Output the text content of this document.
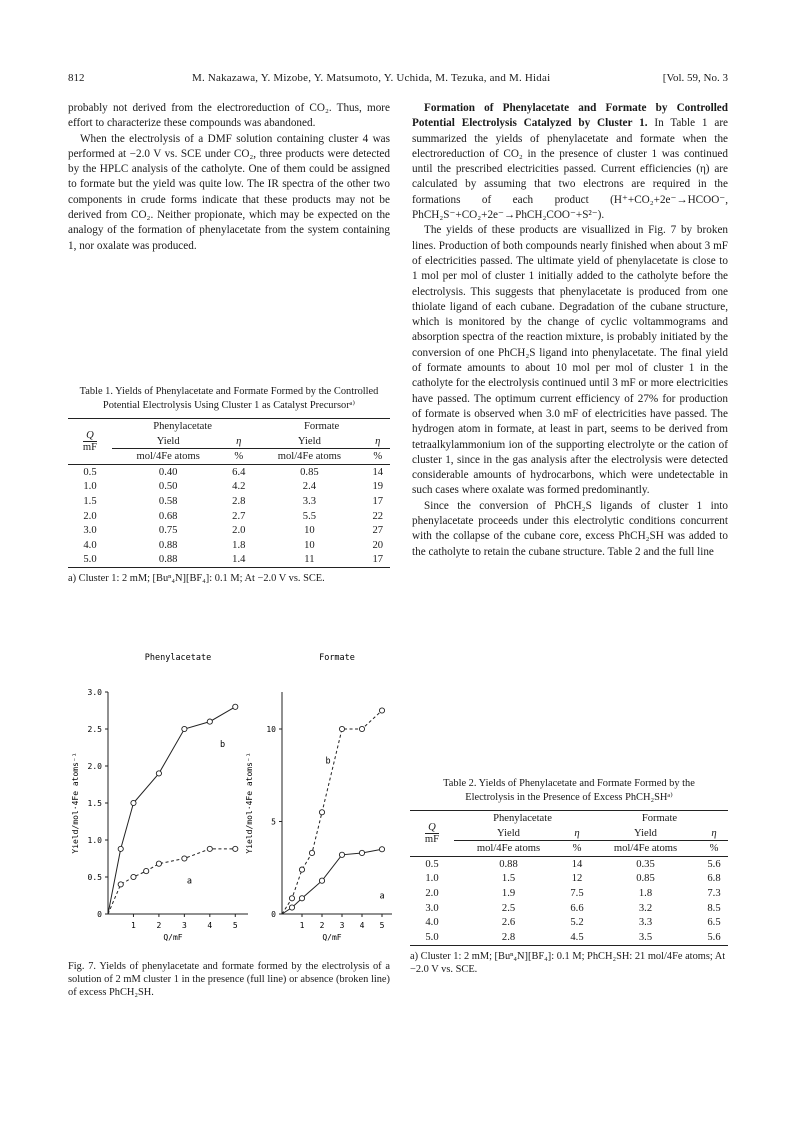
812	M. Nakazawa, Y. Mizobe, Y. Matsumoto, Y. Uchida, M. Tezuka, and M. Hidai	[Vol. 59, No. 3

probably not derived from the electroreduction of CO₂. Thus, more effort to characterize these compounds was abandoned.

When the electrolysis of a DMF solution containing cluster 4 was performed at −2.0 V vs. SCE under CO₂, three products were detected by the HPLC analysis of the catholyte. One of them could be assigned to formate but the yield was quite low. The IR spectra of the other two components in crude forms indicate that these products may not be derived from CO₂. Neither propionate, which may be expected on the analogy of the formation of phenylacetate from the system containing 1, nor oxalate was produced.

Table 1. Yields of Phenylacetate and Formate Formed by the Controlled Potential Electrolysis Using Cluster 1 as Catalyst Precursorᵃ⁾
Q
mF	Phenylacetate		Formate	
	Yield	η	Yield	η
	mol/4Fe atoms	%	mol/4Fe atoms	%
0.5	0.40	6.4	0.85	14
1.0	0.50	4.2	2.4	19
1.5	0.58	2.8	3.3	17
2.0	0.68	2.7	5.5	22
3.0	0.75	2.0	10	27
4.0	0.88	1.8	10	20
5.0	0.88	1.4	11	17
a) Cluster 1: 2 mM; [Buⁿ₄N][BF₄]: 0.1 M; At −2.0 V vs. SCE.
Phenylacetate
0
0.5
1.0
1.5
2.0
2.5
3.0
1	2	3	4	5
Q/mF
Yield/mol·4Fe atoms⁻¹
a
b
Formate
0
5
10
1 2 3 4 5
Q/mF
Yield/mol·4Fe atoms⁻¹
a
b
Fig. 7. Yields of phenylacetate and formate formed by the electrolysis of a solution of 2 mM cluster 1 in the presence (full line) or absence (broken line) of excess PhCH₂SH.

Formation of Phenylacetate and Formate by Controlled Potential Electrolysis Catalyzed by Cluster 1. In Table 1 are summarized the yields of phenylacetate and formate when the electroreduction of CO₂ in the presence of cluster 1 was continued until the prescribed electricities passed. Current efficiencies (η) are calculated by assuming that two electrons are required in the formations of each product (H⁺+CO₂+2e⁻→HCOO⁻, PhCH₂S⁻+CO₂+2e⁻→PhCH₂COO⁻+S²⁻).

The yields of these products are visuallized in Fig. 7 by broken lines. Production of both compounds nearly finished when about 3 mF of electricities passed. The ultimate yield of phenylacetate is close to 1 mol per mol of cluster 1 initially added to the catholyte before the electrolysis. This suggests that phenylacetate is produced from one thiolate ligand of each cubane. Degradation of the cubane structure, which is monitored by the change of cyclic voltammograms and absorption spectra of the reaction mixture, is probably initiated by the conversion of one PhCH₂S ligand into phenylacetate. The final yield of formate amounts to about 10 mol per mol of cluster 1 in the catholyte for the electrolysis continued until 3 mF or more electricities have passed. The optimum current efficiency of 27% for production of formate is observed when 3.0 mF of electricities have passed. The hydrogen atom in formate, at least in part, seems to be derived from tetraalkylammonium ion of the supporting electrolyte or the cation of cluster 1, since in the gas analysis after the electrolysis were detected considerable amounts of hydrocarbons, which were undetectable in such cases where oxalate was formed predominantly.

Since the conversion of PhCH₂S ligands of cluster 1 into phenylacetate proceeds under this electrolytic conditions concurrent with the collapse of the cubane core, excess PhCH₂SH was added to the catholyte to retain the cubane structure. Table 2 and the full line

Table 2. Yields of Phenylacetate and Formate Formed by the Electrolysis in the Presence of Excess PhCH₂SHᵃ⁾
Q
mF	Phenylacetate		Formate	
	Yield	η	Yield	η
	mol/4Fe atoms	%	mol/4Fe atoms	%
0.5	0.88	14	0.35	5.6
1.0	1.5	12	0.85	6.8
2.0	1.9	7.5	1.8	7.3
3.0	2.5	6.6	3.2	8.5
4.0	2.6	5.2	3.3	6.5
5.0	2.8	4.5	3.5	5.6
a) Cluster 1: 2 mM; [Buⁿ₄N][BF₄]: 0.1 M; PhCH₂SH: 21 mol/4Fe atoms; At −2.0 V vs. SCE.
